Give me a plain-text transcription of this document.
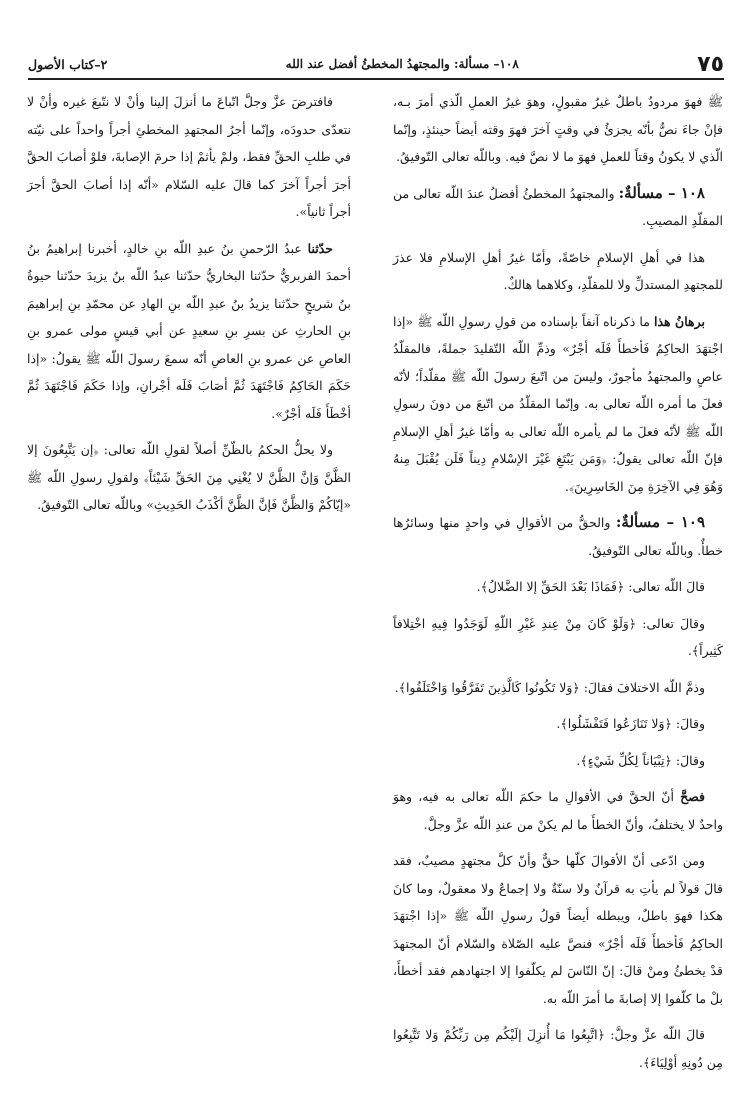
٧٥
١٠٨– مسألة: والمجتهدُ المخطئُ أفضل عند الله
٢–كتاب الأصول

ﷺ فهوَ مردودٌ باطلٌ غيرُ مقبولٍ، وهوَ غيرُ العملِ الّذي أمرَ بـه، فإنْ جاءَ نصٌّ بأنّه يجزئُ في وقتٍ آخرَ فهوَ وقته أيضاً حينئذٍ، وإنّما الّذي لا يكونُ وقتاً للعملِ فهوَ ما لا نصَّ فيه. وباللّه تعالى التّوفيقُ.

١٠٨ – مسألةٌ: والمجتهدُ المخطئُ أفضلُ عندَ اللّه تعالى من المقلّدِ المصيبِ.

هذا في أهلِ الإسلامِ خاصّةً، وأمّا غيرُ أهلِ الإسلامِ فلا عذرَ للمجتهدِ المستدلِّ ولا للمقلّدِ، وكلاهما هالكٌ.

برهانُ هذا ما ذكرناه آنفاً بإسناده من قولِ رسولِ اللّه ﷺ «إذا اجْتهَدَ الحاكِمُ فَأخطأَ فَلَه أجْرٌ» وذمِّ اللّه التّقليدَ جملةً، فالمقلّدُ عاصٍ والمجتهدُ مأجورٌ، وليسَ من اتّبعَ رسولَ اللّه ﷺ مقلّداً؛ لأنّه فعلَ ما أمره اللّه تعالى به. وإنّما المقلّدُ من اتّبعَ من دونَ رسولِ اللّه ﷺ لأنّه فعلَ ما لم يأمره اللّه تعالى به وأمّا غيرُ أهلِ الإسلامِ فإنّ اللّه تعالى يقولُ: ﴿وَمَن يَبْتَغِ غَيْرَ الإسْلامِ دِيناً فَلَن يُقْبَلَ مِنهُ وَهُوَ فِي الآخِرَةِ مِنَ الخَاسِرِينَ﴾.

١٠٩ – مسألةٌ: والحقُّ من الأقوالِ في واحدٍ منها وسائرُها خطأٌ. وباللّه تعالى التّوفيقُ.

قالَ اللّه تعالى: ﴿فَمَاذَا بَعْدَ الحَقِّ إلا الضَّلالُ﴾.

وقالَ تعالى: ﴿وَلَوْ كَانَ مِنْ عِندِ غَيْرِ اللّهِ لَوَجَدُوا فِيهِ اخْتِلافاً كَثِيراً﴾.

وذمَّ اللّه الاختلافَ فقالَ: ﴿وَلا تَكُونُوا كَالَّذِينَ تَفَرَّقُوا وَاخْتَلَفُوا﴾.

وقالَ: ﴿وَلا تَنَازَعُوا فَتَفْشَلُوا﴾.

وقالَ: ﴿تِبْيَاناً لِكُلِّ شَيْءٍ﴾.

فصحَّ أنّ الحقَّ في الأقوالِ ما حكمَ اللّه تعالى به فيه، وهوَ واحدٌ لا يختلفُ، وأنّ الخطأَ ما لم يكنْ من عندِ اللّه عزَّ وجلَّ.

ومن ادّعى أنّ الأقوالَ كلّها حقٌّ وأنّ كلَّ مجتهدٍ مصيبٌ، فقد قالَ قولاً لم يأتِ به قرآنٌ ولا سنّةٌ ولا إجماعٌ ولا معقولٌ، وما كانَ هكذا فهوَ باطلٌ، ويبطله أيضاً قولُ رسولِ اللّه ﷺ «إذا اجْتهَدَ الحاكِمُ فَأخطأَ فَلَه أجْرٌ» فنصَّ عليه الصّلاة والسّلام أنّ المجتهدَ قدْ يخطئُ ومنْ قالَ: إنّ النّاسَ لم يكلّفوا إلا اجتهادهم فقد أخطأَ، بلْ ما كلّفوا إلا إصابةَ ما أمرَ اللّه به.

قالَ اللّه عزَّ وجلَّ: ﴿اتَّبِعُوا مَا أُنزِلَ إلَيْكُم مِن رَبِّكُمْ وَلا تَتَّبِعُوا مِن دُونِهِ أوْلِيَاءَ﴾.

فافترضَ عزَّ وجلَّ اتّباعَ ما أنزلَ إلينا وأنْ لا نتّبعَ غيره وأنْ لا نتعدّى حدودَه، وإنّما أجرُ المجتهدِ المخطئِ أجراً واحداً على نيّته في طلبِ الحقِّ فقط، ولمْ يأثمْ إذا حرمَ الإصابةَ، فلوْ أصابَ الحقَّ أجرَ أجراً آخرَ كما قالَ عليه السّلام «أنّه إذا أصابَ الحقَّ أجرَ أجراً ثانياً».

حدّثنا عبدُ الرّحمنِ بنُ عبدِ اللّه بنِ خالدٍ، أخبرنا إبراهيمُ بنُ أحمدَ الفربريُّ حدّثنا البخاريُّ حدّثنا عبدُ اللّه بنُ يزيدَ حدّثنا حيوةُ بنُ شريحٍ حدّثنا يزيدُ بنُ عبدِ اللّه بنِ الهادِ عن محمّدِ بنِ إبراهيمَ بنِ الحارثِ عن بسرِ بنِ سعيدٍ عن أبي قيسٍ مولى عمرو بنِ العاصِ عن عمرو بنِ العاصِ أنّه سمعَ رسولَ اللّه ﷺ يقولُ: «إذا حَكَمَ الحَاكِمُ فَاجْتَهَدَ ثُمَّ أصَابَ فَلَه أجْرانِ، وإذا حَكَمَ فَاجْتَهَدَ ثُمَّ أخْطَأَ فَلَه أجْرٌ».

ولا يحلُّ الحكمُ بالظّنِّ أصلاً لقولِ اللّه تعالى: ﴿إن يَتَّبِعُونَ إلا الظَّنَّ وَإنَّ الظَّنَّ لا يُغْنِي مِنَ الحَقِّ شَيْئاً﴾ ولقولِ رسولِ اللّه ﷺ «إيّاكُمْ وَالظَّنَّ فَإنَّ الظَّنَّ أكْذَبُ الحَدِيثِ» وباللّه تعالى التّوفيقُ.
